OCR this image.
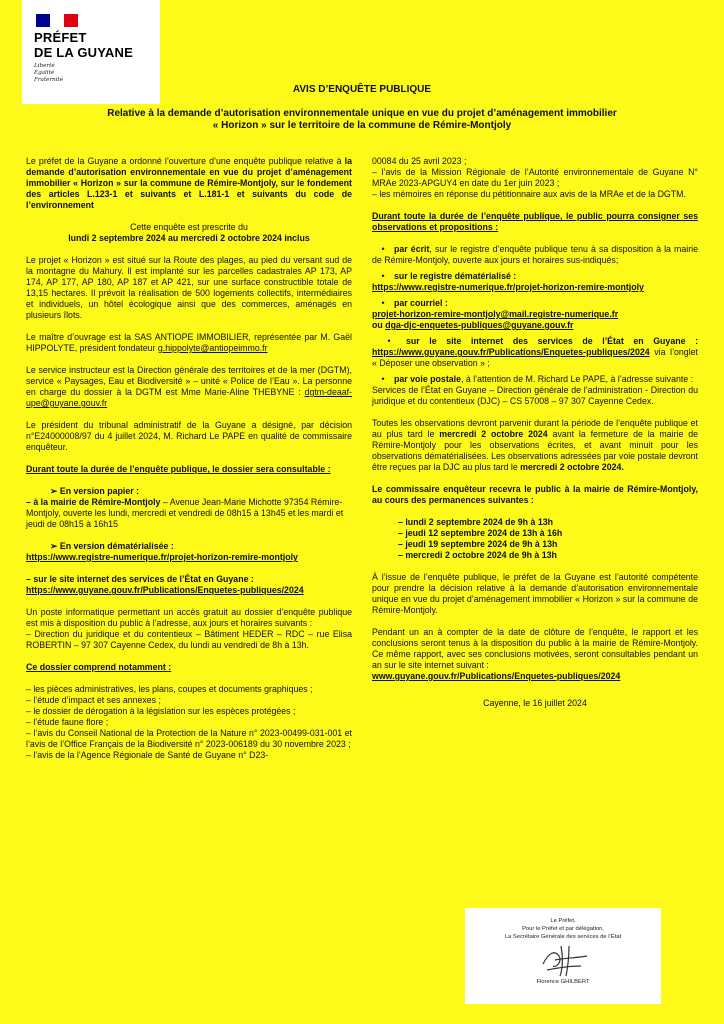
PRÉFET
DE LA GUYANE
Liberté
Égalité
Fraternité
AVIS D’ENQUÊTE PUBLIQUE
Relative à la demande d’autorisation environnementale unique en vue du projet d’aménagement immobilier
« Horizon » sur le territoire de la commune de Rémire-Montjoly

Le préfet de la Guyane a ordonné l’ouverture d’une enquête publique relative à la demande d’autorisation environnementale en vue du projet d’aménagement immobilier « Horizon » sur la commune de Rémire-Montjoly, sur le fondement des articles L.123-1 et suivants et L.181-1 et suivants du code de l’environnement

Cette enquête est prescrite du
lundi 2 septembre 2024 au mercredi 2 octobre 2024 inclus

Le projet « Horizon » est situé sur la Route des plages, au pied du versant sud de la montagne du Mahury. Il est implanté sur les parcelles cadastrales AP 173, AP 174, AP 177, AP 180, AP 187 et AP 421, sur une surface constructible totale de 13,15 hectares. Il prévoit la réalisation de 500 logements collectifs, intermédiaires et individuels, un hôtel écologique ainsi que des commerces, aménagés en plusieurs îlots.

Le maître d’ouvrage est la SAS ANTIOPE IMMOBILIER, représentée par M. Gaël HIPPOLYTE, président fondateur g.hippolyte@antiopeimmo.fr

Le service instructeur est la Direction générale des territoires et de la mer (DGTM), service « Paysages, Eau et Biodiversité » – unité « Police de l’Eau ». La personne en charge du dossier à la DGTM est Mme Marie-Aline THEBYNE : dgtm-deaaf-upe@guyane.gouv.fr

Le président du tribunal administratif de la Guyane a désigné, par décision n°E24000008/97 du 4 juillet 2024, M. Richard Le PAPE en qualité de commissaire enquêteur.

Durant toute la durée de l’enquête publique, le dossier sera consultable :

➢ En version papier :
– à la mairie de Rémire-Montjoly – Avenue Jean-Marie Michotte 97354 Rémire-Montjoly, ouverte les lundi, mercredi et vendredi de 08h15 à 13h45 et les mardi et jeudi de 08h15 à 16h15

➢ En version dématérialisée :
https://www.registre-numerique.fr/projet-horizon-remire-montjoly

– sur le site internet des services de l’État en Guyane :
https://www.guyane.gouv.fr/Publications/Enquetes-publiques/2024

Un poste informatique permettant un accès gratuit au dossier d’enquête publique est mis à disposition du public à l’adresse, aux jours et horaires suivants :
– Direction du juridique et du contentieux – Bâtiment HEDER – RDC – rue Elisa ROBERTIN – 97 307 Cayenne Cedex, du lundi au vendredi de 8h à 13h.

Ce dossier comprend notamment :

– les pièces administratives, les plans, coupes et documents graphiques ;
– l’étude d’impact et ses annexes ;
– le dossier de dérogation à la législation sur les espèces protégées ;
– l’étude faune flore ;
– l’avis du Conseil National de la Protection de la Nature n° 2023-00499-031-001 et l’avis de l’Office Français de la Biodiversité n° 2023-006189 du 30 novembre 2023 ;
– l’avis de la l’Agence Régionale de Santé de Guyane n° D23-

00084 du 25 avril 2023 ;
– l’avis de la Mission Régionale de l’Autorité environnementale de Guyane N° MRAe 2023-APGUY4 en date du 1er juin 2023 ;
– les mémoires en réponse du pétitionnaire aux avis de la MRAe et de la DGTM.

Durant toute la durée de l’enquête publique, le public pourra consigner ses observations et propositions :

• par écrit, sur le registre d’enquête publique tenu à sa disposition à la mairie de Rémire-Montjoly, ouverte aux jours et horaires sus-indiqués;

• sur le registre dématérialisé :
https://www.registre-numerique.fr/projet-horizon-remire-montjoly

• par courriel :
projet-horizon-remire-montjoly@mail.registre-numerique.fr
ou dga-djc-enquetes-publiques@guyane.gouv.fr

• sur le site internet des services de l’État en Guyane : https://www.guyane.gouv.fr/Publications/Enquetes-publiques/2024 via l’onglet « Déposer une observation » ;

• par voie postale, à l’attention de M. Richard Le PAPE, à l’adresse suivante :
Services de l’État en Guyane – Direction générale de l’administration - Direction du juridique et du contentieux (DJC) – CS 57008 – 97 307 Cayenne Cedex.

Toutes les observations devront parvenir durant la période de l’enquête publique et au plus tard le mercredi 2 octobre 2024 avant la fermeture de la mairie de Rémire-Montjoly pour les observations écrites, et avant minuit pour les observations dématérialisées. Les observations adressées par voie postale devront être reçues par la DJC au plus tard le mercredi 2 octobre 2024.

Le commissaire enquêteur recevra le public à la mairie de Rémire-Montjoly, au cours des permanences suivantes :

– lundi 2 septembre 2024 de 9h à 13h
– jeudi 12 septembre 2024 de 13h à 16h
– jeudi 19 septembre 2024 de 9h à 13h
– mercredi 2 octobre 2024 de 9h à 13h

À l’issue de l’enquête publique, le préfet de la Guyane est l’autorité compétente pour prendre la décision relative à la demande d’autorisation environnementale unique en vue du projet d’aménagement immobilier « Horizon » sur la commune de Rémire-Montjoly.

Pendant un an à compter de la date de clôture de l’enquête, le rapport et les conclusions seront tenus à la disposition du public à la mairie de Rémire-Montjoly. Ce même rapport, avec ses conclusions motivées, seront consultables pendant un an sur le site internet suivant :
www.guyane.gouv.fr/Publications/Enquetes-publiques/2024

Cayenne, le 16 juillet 2024

Le Préfet,
Pour le Préfet et par délégation,
La Secrétaire Générale des services de l’État
Florence GHILBERT
